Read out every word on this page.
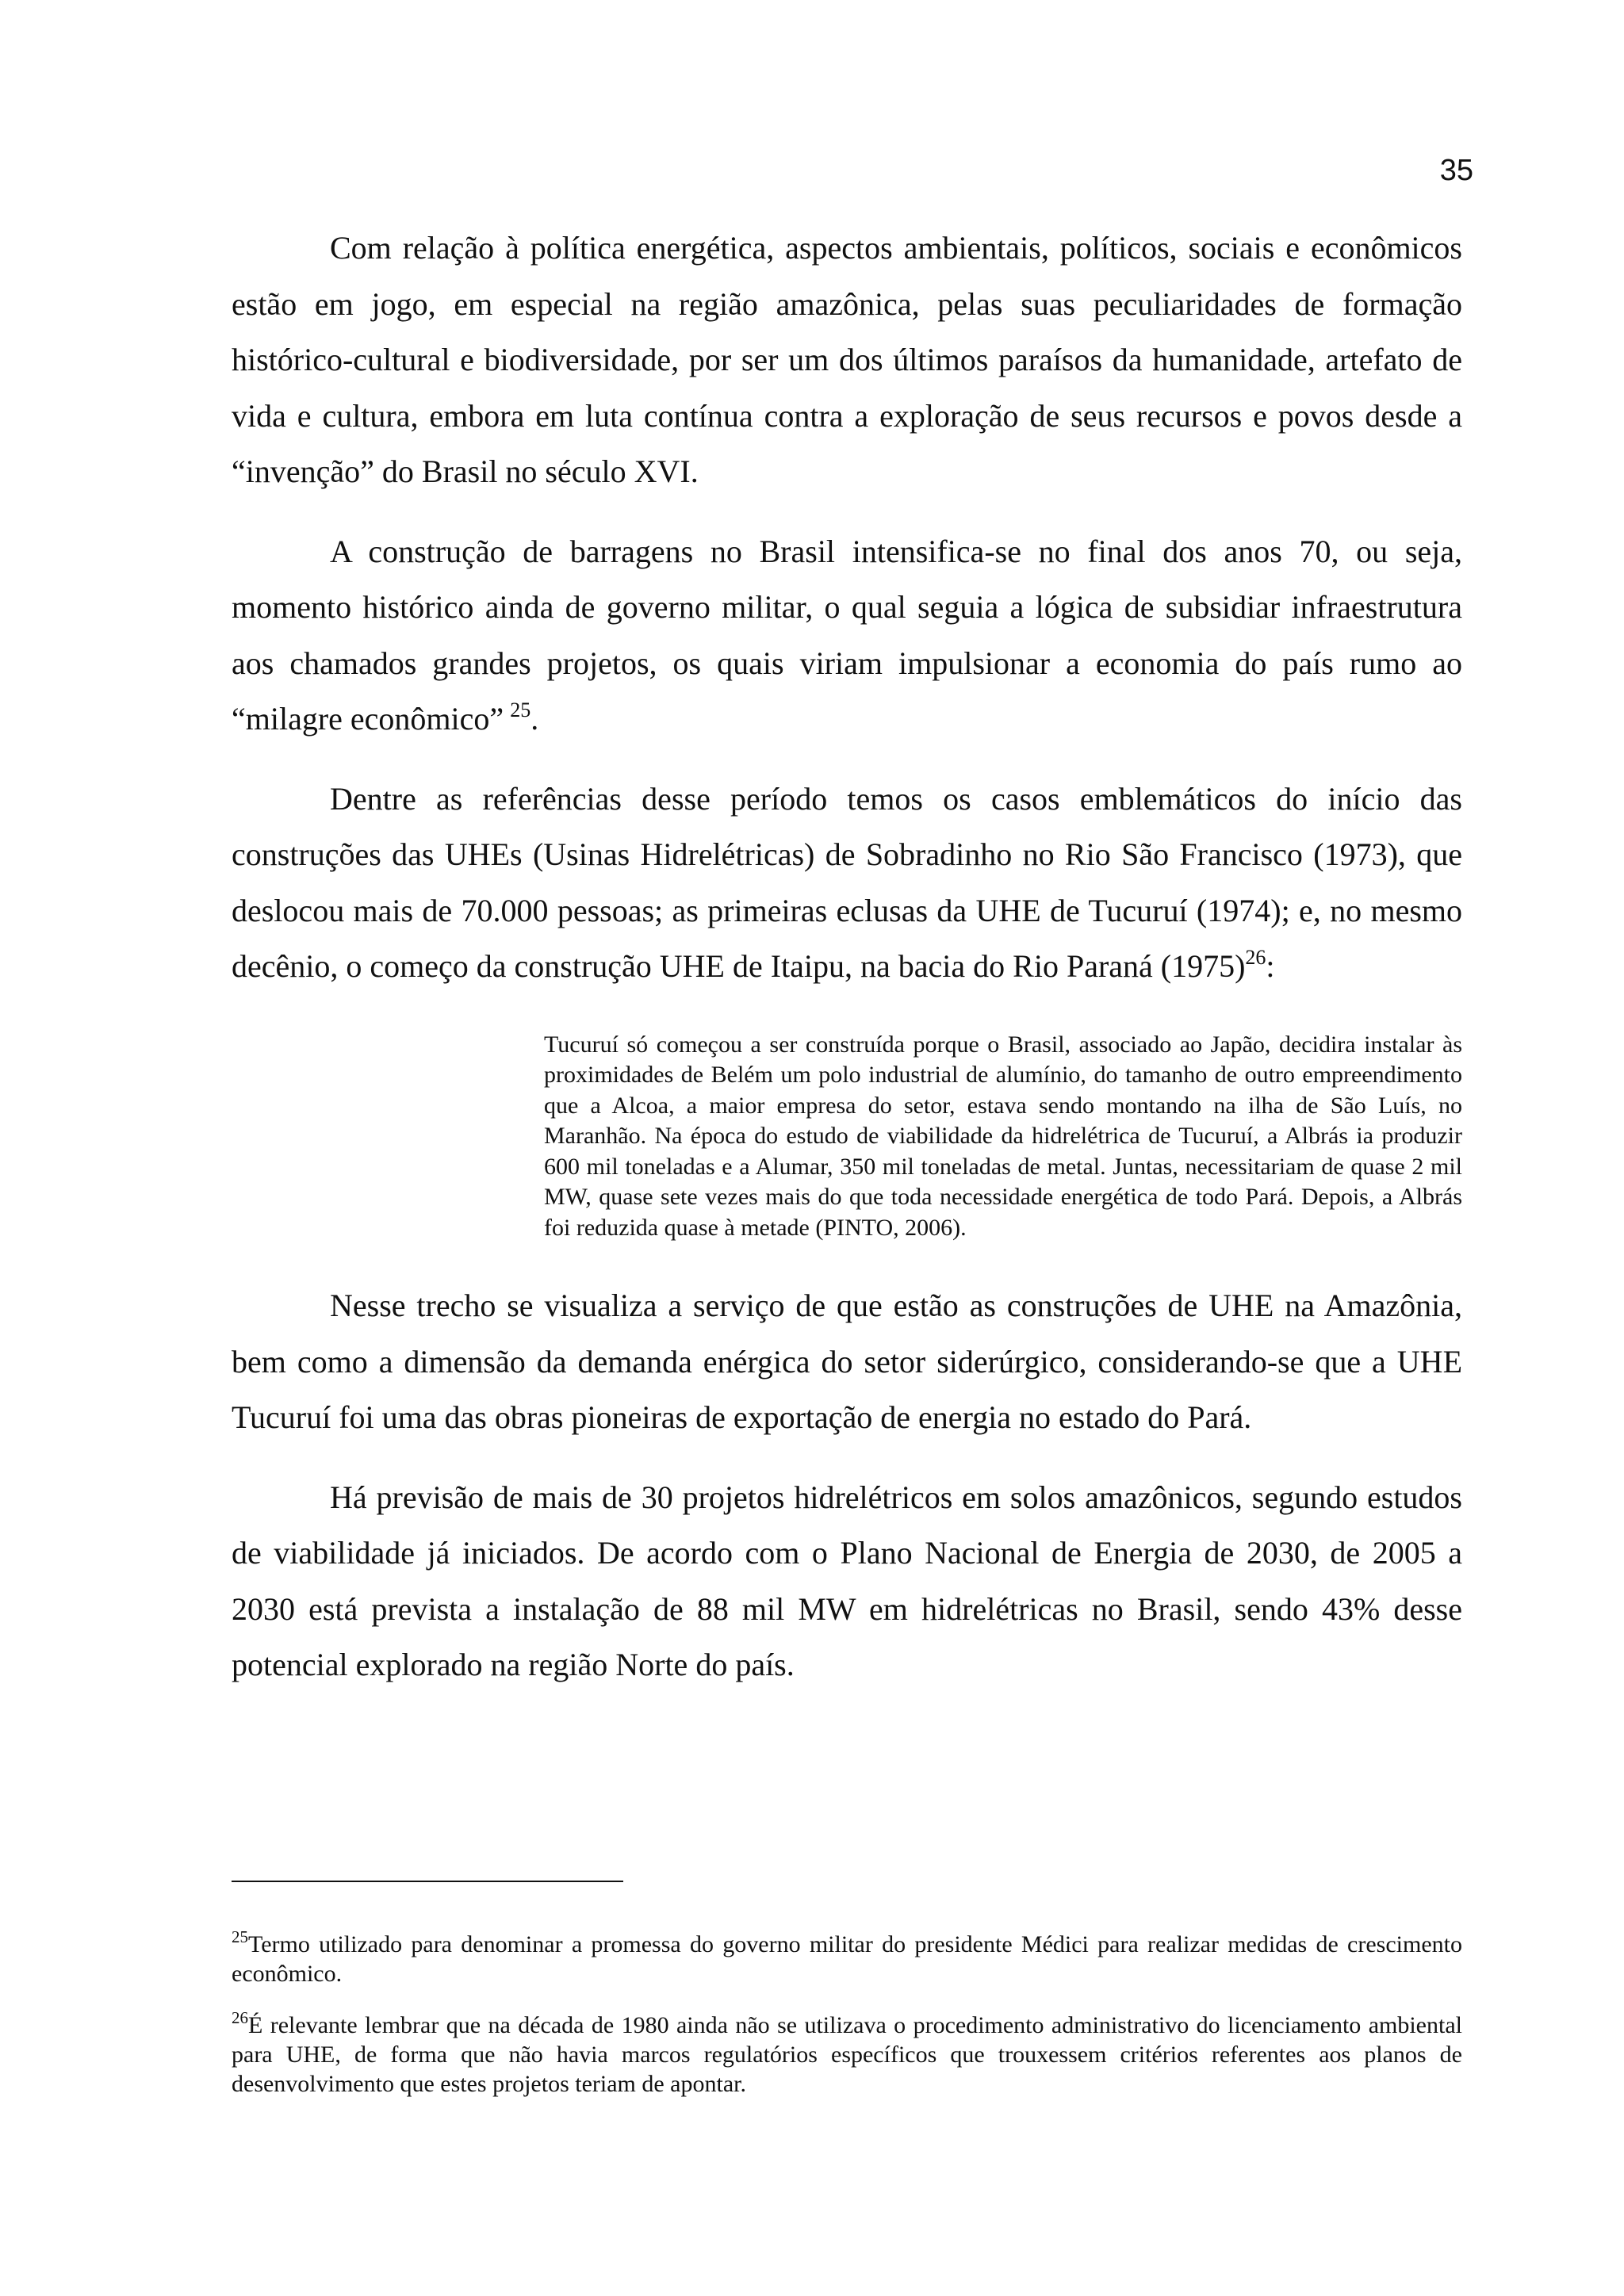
35

Com relação à política energética, aspectos ambientais, políticos, sociais e econômicos estão em jogo, em especial na região amazônica, pelas suas peculiaridades de formação histórico-cultural e biodiversidade, por ser um dos últimos paraísos da humanidade, artefato de vida e cultura, embora em luta contínua contra a exploração de seus recursos e povos desde a “invenção” do Brasil no século XVI.

A construção de barragens no Brasil intensifica-se no final dos anos 70, ou seja, momento histórico ainda de governo militar, o qual seguia a lógica de subsidiar infraestrutura aos chamados grandes projetos, os quais viriam impulsionar a economia do país rumo ao “milagre econômico”  $^{25}$.

Dentre as referências desse período temos os casos emblemáticos do início das construções das UHEs (Usinas Hidrelétricas) de Sobradinho no Rio São Francisco (1973), que deslocou mais de 70.000 pessoas; as primeiras eclusas da UHE de Tucuruí (1974); e, no mesmo decênio, o começo da construção UHE de Itaipu, na bacia do Rio Paraná $(1975)^{26}$:

Tucuruí só começou a ser construída porque o Brasil, associado ao Japão, decidira instalar às proximidades de Belém um polo industrial de alumínio, do tamanho de outro empreendimento que a Alcoa, a maior empresa do setor, estava sendo montando na ilha de São Luís, no Maranhão. Na época do estudo de viabilidade da hidrelétrica de Tucuruí, a Albrás ia produzir 600 mil toneladas e a Alumar, 350 mil toneladas de metal. Juntas, necessitariam de quase 2 mil MW, quase sete vezes mais do que toda necessidade energética de todo Pará. Depois, a Albrás foi reduzida quase à metade (PINTO, 2006).

Nesse trecho se visualiza a serviço de que estão as construções de UHE na Amazônia, bem como a dimensão da demanda enérgica do setor siderúrgico, considerando-se que a UHE Tucuruí foi uma das obras pioneiras de exportação de energia no estado do Pará.

Há previsão de mais de 30 projetos hidrelétricos em solos amazônicos, segundo estudos de viabilidade já iniciados. De acordo com o Plano Nacional de Energia de 2030, de 2005 a 2030 está prevista a instalação de 88 mil MW em hidrelétricas no Brasil, sendo 43% desse potencial explorado na região Norte do país.

$^{25}$Termo utilizado para denominar a promessa do governo militar do presidente Médici para realizar medidas de crescimento econômico.

$^{26}$É relevante lembrar que na década de 1980 ainda não se utilizava o procedimento administrativo do licenciamento ambiental para UHE, de forma que não havia marcos regulatórios específicos que trouxessem critérios referentes aos planos de desenvolvimento que estes projetos teriam de apontar.
